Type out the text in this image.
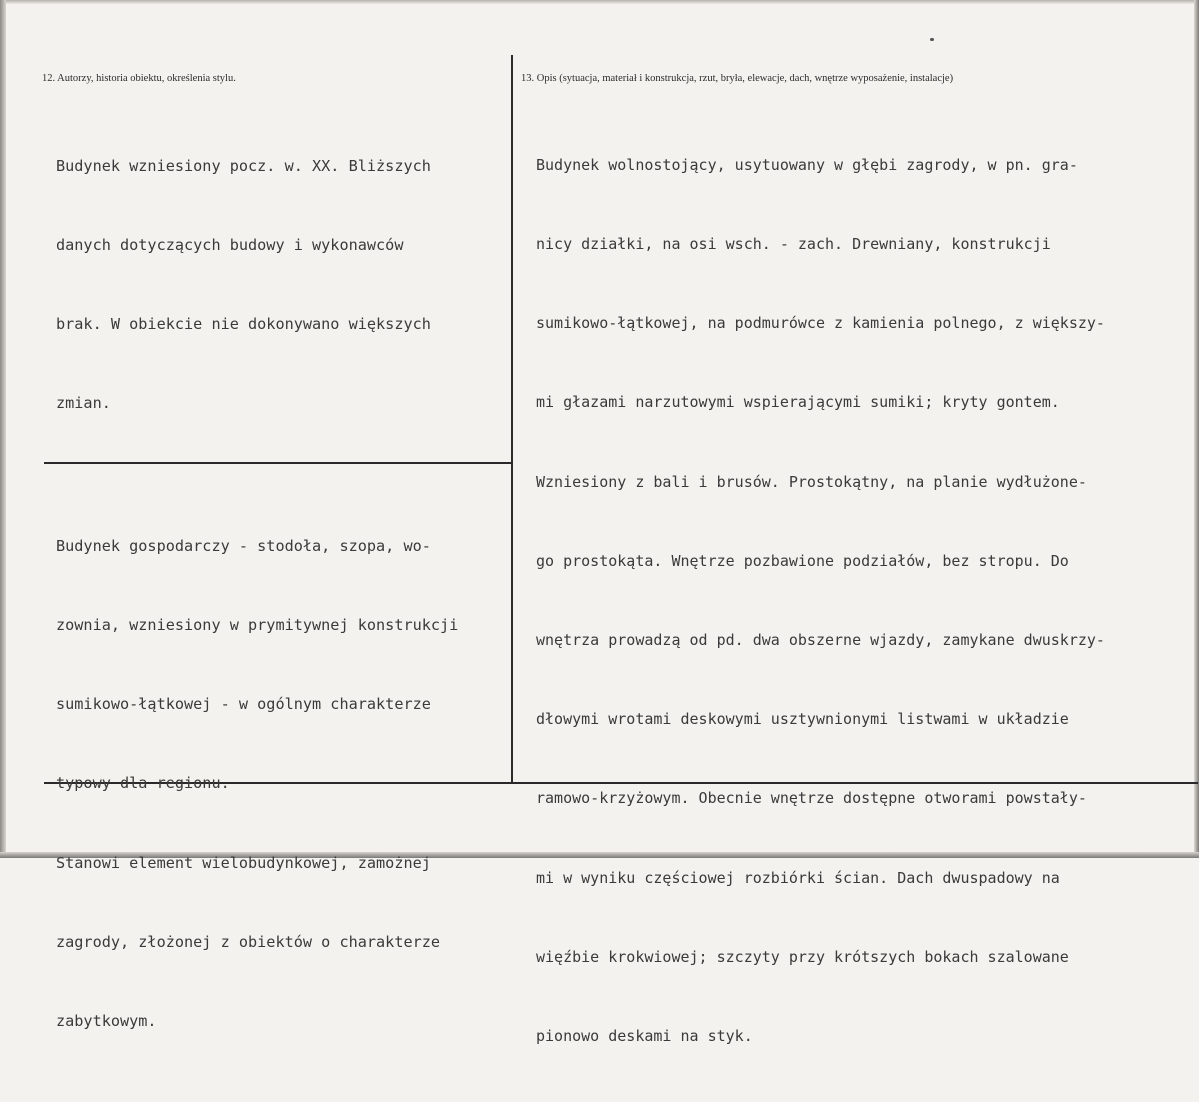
12. Autorzy, historia obiektu, określenia stylu.	13. Opis (sytuacja, materiał i konstrukcja, rzut, bryła, elewacje, dach, wnętrze wyposażenie, instalacje)

Budynek wzniesiony pocz. w. XX. Bliższych

danych dotyczących budowy i wykonawców

brak. W obiekcie nie dokonywano większych

zmian.

Budynek gospodarczy - stodoła, szopa, wo-

zownia, wzniesiony w prymitywnej konstrukcji

sumikowo-łątkowej - w ogólnym charakterze

typowy dla regionu.

Stanowi element wielobudynkowej, zamożnej

zagrody, złożonej z obiektów o charakterze

zabytkowym.

Budynek wolnostojący, usytuowany w głębi zagrody, w pn. gra-

nicy działki, na osi wsch. - zach. Drewniany, konstrukcji

sumikowo-łątkowej, na podmurówce z kamienia polnego, z większy-

mi głazami narzutowymi wspierającymi sumiki; kryty gontem.

Wzniesiony z bali i brusów. Prostokątny, na planie wydłużone-

go prostokąta. Wnętrze pozbawione podziałów, bez stropu. Do

wnętrza prowadzą od pd. dwa obszerne wjazdy, zamykane dwuskrzy-

dłowymi wrotami deskowymi usztywnionymi listwami w układzie

ramowo-krzyżowym. Obecnie wnętrze dostępne otworami powstały-

mi w wyniku częściowej rozbiórki ścian. Dach dwuspadowy na

więźbie krokwiowej; szczyty przy krótszych bokach szalowane

pionowo deskami na styk.
